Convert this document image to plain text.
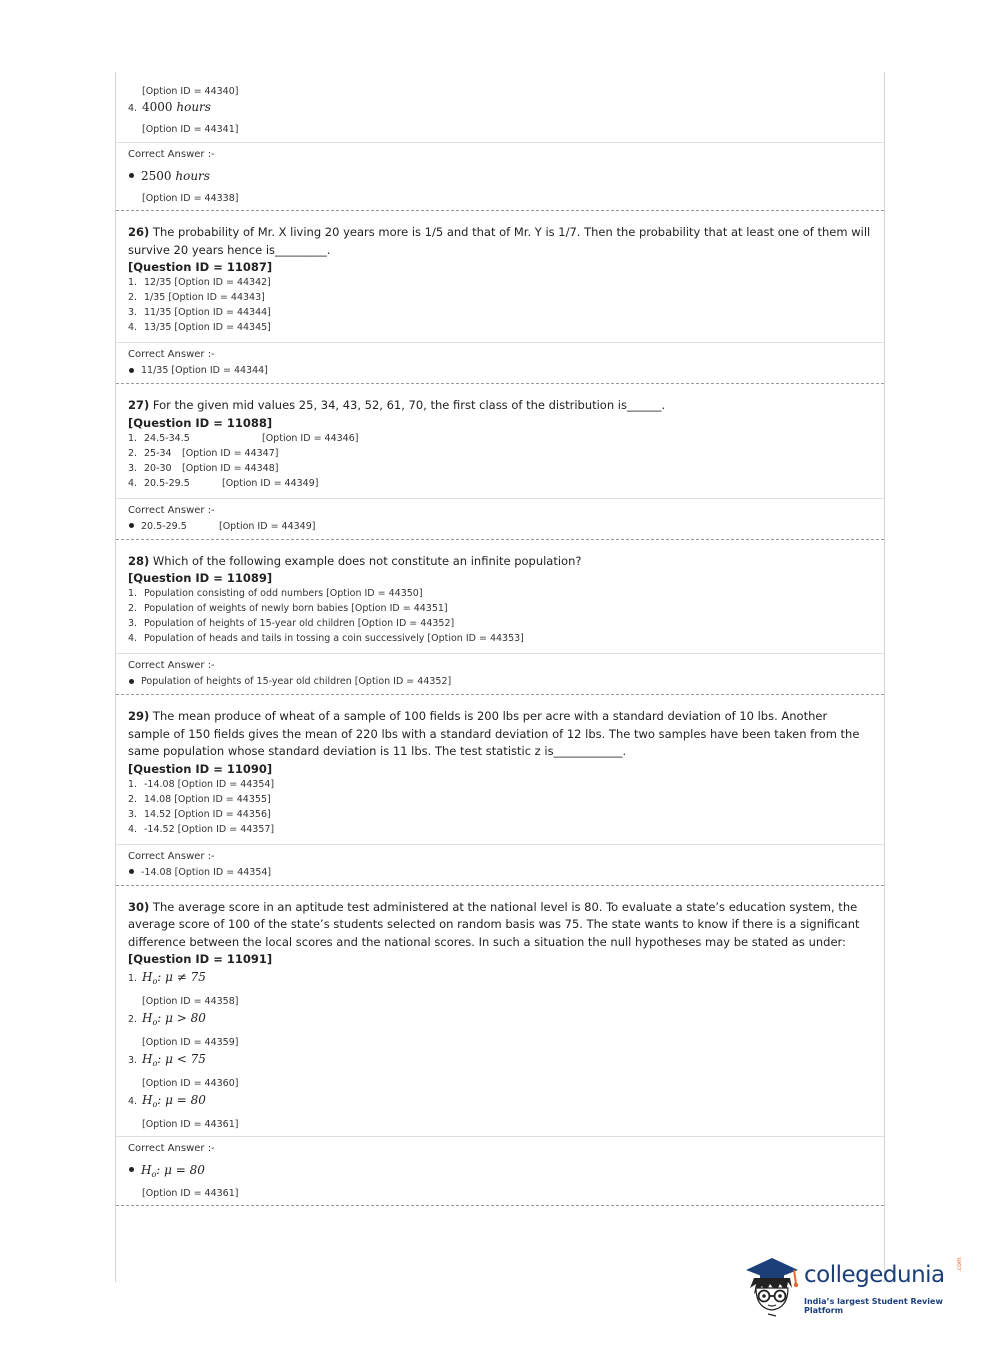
[Option ID = 44340]
4. 4000 hours
[Option ID = 44341]
Correct Answer :-
2500 hours
[Option ID = 44338]
26) The probability of Mr. X living 20 years more is 1/5 and that of Mr. Y is 1/7. Then the probability that at least one of them will survive 20 years hence is_________.
[Question ID = 11087]
1. 12/35 [Option ID = 44342]
2. 1/35 [Option ID = 44343]
3. 11/35 [Option ID = 44344]
4. 13/35 [Option ID = 44345]
Correct Answer :-
11/35 [Option ID = 44344]
27) For the given mid values 25, 34, 43, 52, 61, 70, the first class of the distribution is______.
[Question ID = 11088]
1. 24.5-34.5	[Option ID = 44346]
2. 25-34	[Option ID = 44347]
3. 20-30	[Option ID = 44348]
4. 20.5-29.5	[Option ID = 44349]
Correct Answer :-
20.5-29.5	[Option ID = 44349]
28) Which of the following example does not constitute an infinite population?
[Question ID = 11089]
1. Population consisting of odd numbers [Option ID = 44350]
2. Population of weights of newly born babies [Option ID = 44351]
3. Population of heights of 15-year old children [Option ID = 44352]
4. Population of heads and tails in tossing a coin successively [Option ID = 44353]
Correct Answer :-
Population of heights of 15-year old children [Option ID = 44352]
29) The mean produce of wheat of a sample of 100 fields is 200 lbs per acre with a standard deviation of 10 lbs. Another sample of 150 fields gives the mean of 220 lbs with a standard deviation of 12 lbs. The two samples have been taken from the same population whose standard deviation is 11 lbs. The test statistic z is____________.
[Question ID = 11090]
1. -14.08 [Option ID = 44354]
2. 14.08 [Option ID = 44355]
3. 14.52 [Option ID = 44356]
4. -14.52 [Option ID = 44357]
Correct Answer :-
-14.08 [Option ID = 44354]
30) The average score in an aptitude test administered at the national level is 80. To evaluate a state’s education system, the average score of 100 of the state’s students selected on random basis was 75. The state wants to know if there is a significant difference between the local scores and the national scores. In such a situation the null hypotheses may be stated as under:
[Question ID = 11091]
1. $H_o$: μ ≠ 75
[Option ID = 44358]
2. $H_o$: μ > 80
[Option ID = 44359]
3. $H_o$: μ < 75
[Option ID = 44360]
4. $H_o$: μ = 80
[Option ID = 44361]
Correct Answer :-
$H_o$: μ = 80
[Option ID = 44361]
collegedunia .com
India’s largest Student Review Platform
